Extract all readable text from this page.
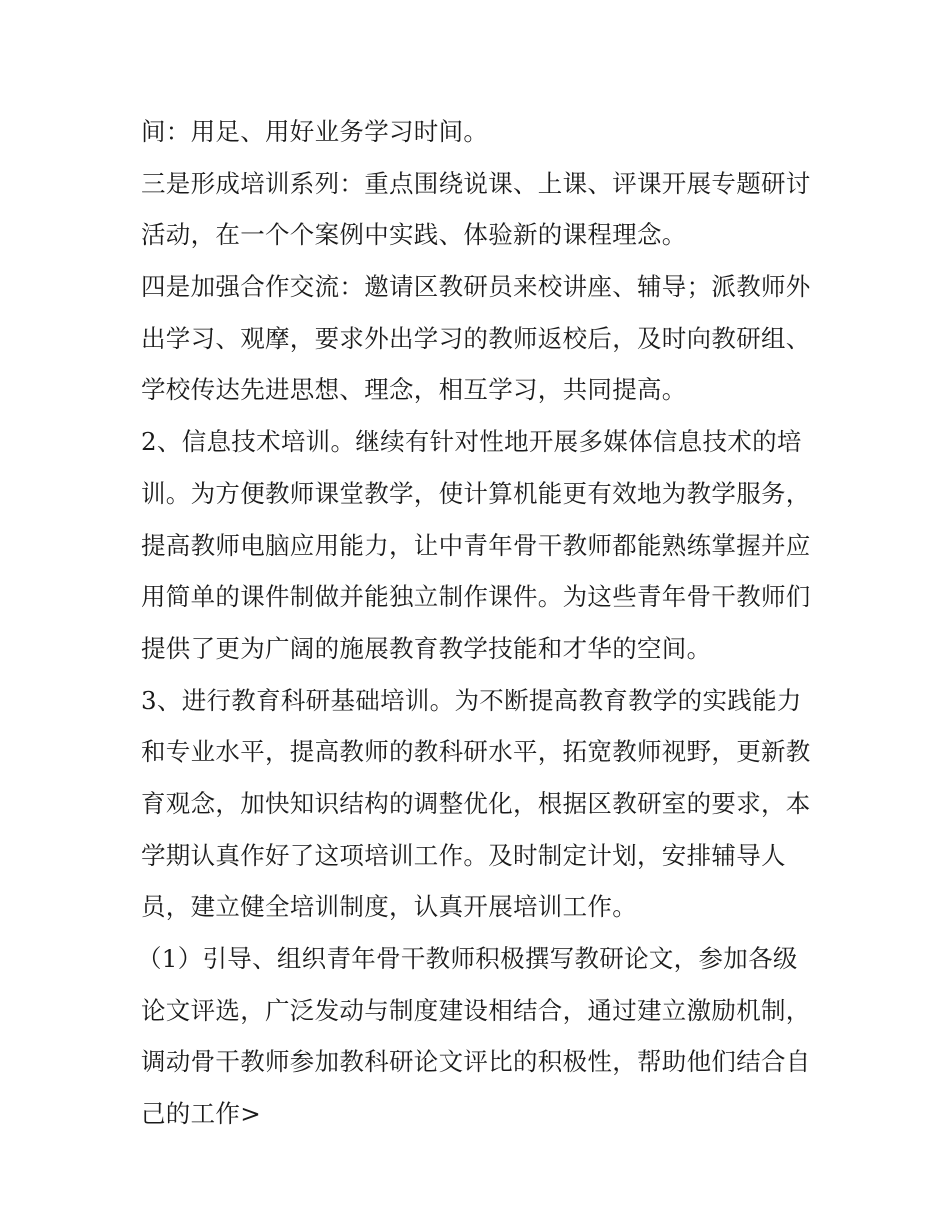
间：用足、用好业务学习时间。
三是形成培训系列：重点围绕说课、上课、评课开展专题研讨
活动，在一个个案例中实践、体验新的课程理念。
四是加强合作交流：邀请区教研员来校讲座、辅导；派教师外
出学习、观摩，要求外出学习的教师返校后，及时向教研组、
学校传达先进思想、理念，相互学习，共同提高。
2、信息技术培训。继续有针对性地开展多媒体信息技术的培
训。为方便教师课堂教学，使计算机能更有效地为教学服务，
提高教师电脑应用能力，让中青年骨干教师都能熟练掌握并应
用简单的课件制做并能独立制作课件。为这些青年骨干教师们
提供了更为广阔的施展教育教学技能和才华的空间。
3、进行教育科研基础培训。为不断提高教育教学的实践能力
和专业水平，提高教师的教科研水平，拓宽教师视野，更新教
育观念，加快知识结构的调整优化，根据区教研室的要求，本
学期认真作好了这项培训工作。及时制定计划，安排辅导人
员，建立健全培训制度，认真开展培训工作。
（1）引导、组织青年骨干教师积极撰写教研论文，参加各级
论文评选，广泛发动与制度建设相结合，通过建立激励机制，
调动骨干教师参加教科研论文评比的积极性，帮助他们结合自
己的工作>
